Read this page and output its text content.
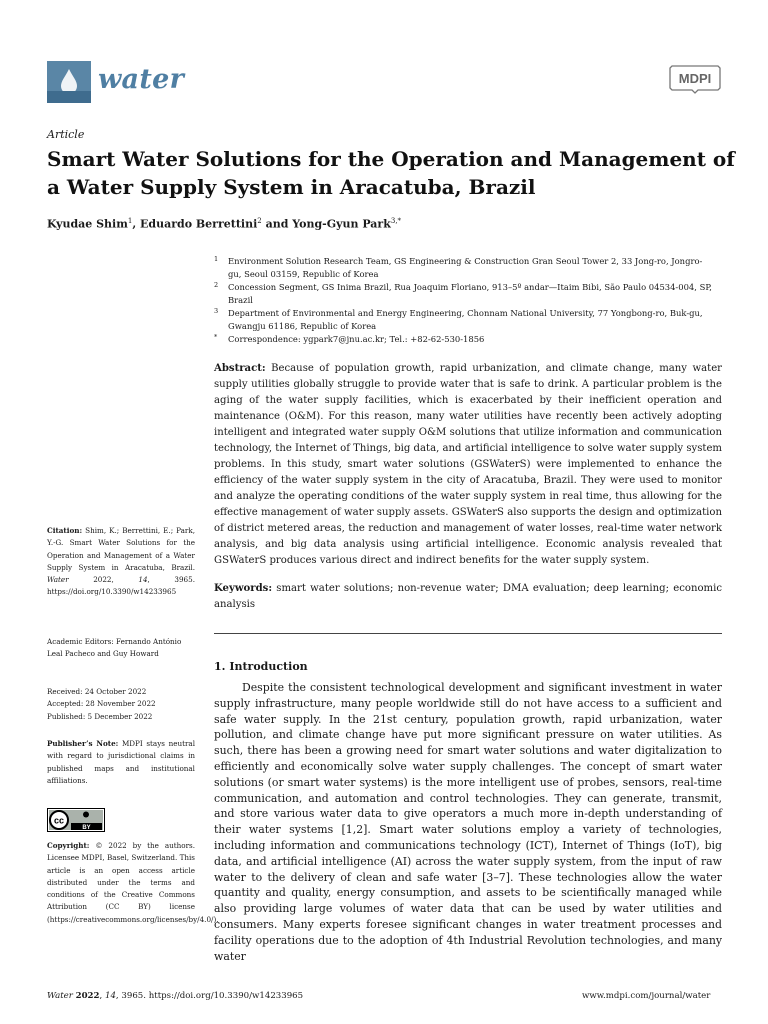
water	MDPI
Article
Smart Water Solutions for the Operation and Management of a Water Supply System in Aracatuba, Brazil
Kyudae Shim$^1$, Eduardo Berrettini$^2$ and Yong-Gyun Park$^{3,*}$
1 Environment Solution Research Team, GS Engineering & Construction Gran Seoul Tower 2, 33 Jong-ro, Jongro-gu, Seoul 03159, Republic of Korea
2 Concession Segment, GS Inima Brazil, Rua Joaquim Floriano, 913–5º andar—Itaim Bibi, São Paulo 04534-004, SP, Brazil
3 Department of Environmental and Energy Engineering, Chonnam National University, 77 Yongbong-ro, Buk-gu, Gwangju 61186, Republic of Korea
* Correspondence: ygpark7@jnu.ac.kr; Tel.: +82-62-530-1856
Abstract: Because of population growth, rapid urbanization, and climate change, many water supply utilities globally struggle to provide water that is safe to drink. A particular problem is the aging of the water supply facilities, which is exacerbated by their inefficient operation and maintenance (O&M). For this reason, many water utilities have recently been actively adopting intelligent and integrated water supply O&M solutions that utilize information and communication technology, the Internet of Things, big data, and artificial intelligence to solve water supply system problems. In this study, smart water solutions (GSWaterS) were implemented to enhance the efficiency of the water supply system in the city of Aracatuba, Brazil. They were used to monitor and analyze the operating conditions of the water supply system in real time, thus allowing for the effective management of water supply assets. GSWaterS also supports the design and optimization of district metered areas, the reduction and management of water losses, real-time water network analysis, and big data analysis using artificial intelligence. Economic analysis revealed that GSWaterS produces various direct and indirect benefits for the water supply system.
Keywords: smart water solutions; non-revenue water; DMA evaluation; deep learning; economic analysis
1. Introduction
Despite the consistent technological development and significant investment in water supply infrastructure, many people worldwide still do not have access to a sufficient and safe water supply. In the 21st century, population growth, rapid urbanization, water pollution, and climate change have put more significant pressure on water utilities. As such, there has been a growing need for smart water solutions and water digitalization to efficiently and economically solve water supply challenges. The concept of smart water solutions (or smart water systems) is the more intelligent use of probes, sensors, real-time communication, and automation and control technologies. They can generate, transmit, and store various water data to give operators a much more in-depth understanding of their water systems [1,2]. Smart water solutions employ a variety of technologies, including information and communications technology (ICT), Internet of Things (IoT), big data, and artificial intelligence (AI) across the water supply system, from the input of raw water to the delivery of clean and safe water [3–7]. These technologies allow the water quantity and quality, energy consumption, and assets to be scientifically managed while also providing large volumes of water data that can be used by water utilities and consumers. Many experts foresee significant changes in water treatment processes and facility operations due to the adoption of 4th Industrial Revolution technologies, and many water
Citation: Shim, K.; Berrettini, E.; Park, Y.-G. Smart Water Solutions for the Operation and Management of a Water Supply System in Aracatuba, Brazil. Water	2022, 14, 3965. https://doi.org/10.3390/w14233965
Academic Editors: Fernando António Leal Pacheco and Guy Howard
Received: 24 October 2022
Accepted: 28 November 2022
Published: 5 December 2022
Publisher’s Note: MDPI stays neutral with regard to jurisdictional claims in published maps and institutional affiliations.
cc
BY
Copyright: © 2022 by the authors. Licensee MDPI, Basel, Switzerland. This article is an open access article distributed under the terms and conditions of the Creative Commons Attribution (CC BY) license (https://creativecommons.org/licenses/by/4.0/).
Water 2022, 14, 3965. https://doi.org/10.3390/w14233965	www.mdpi.com/journal/water
